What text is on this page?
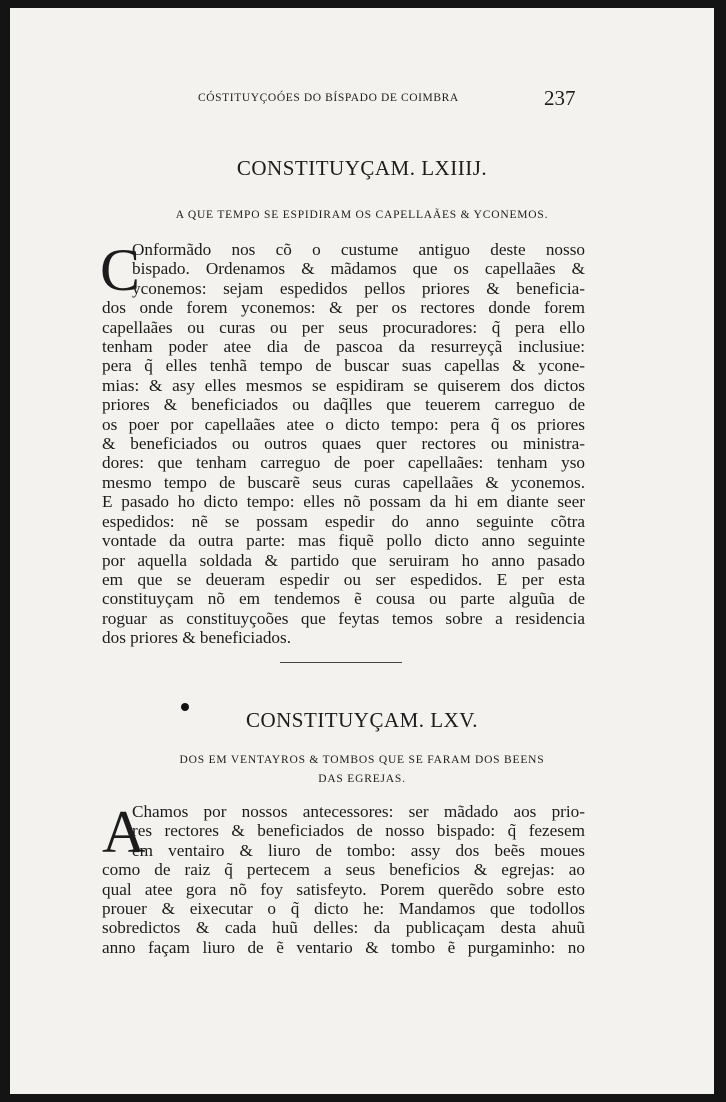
CÓSTITUYÇOÓES DO BÍSPADO DE COIMBRA	237
CONSTITUYÇAM. LXIIIJ.
A QUE TEMPO SE ESPIDIRAM OS CAPELLAÃES & YCONEMOS.
C
Onformãdo nos cõ o custume antiguo deste nosso
bispado. Ordenamos & mãdamos que os capellaães &
yconemos: sejam espedidos pellos priores & beneficia-
dos onde forem yconemos: & per os rectores donde forem
capellaães ou curas ou per seus procuradores: q̃ pera ello
tenham poder atee dia de pascoa da resurreyçã inclusiue:
pera q̃ elles tenhã tempo de buscar suas capellas & ycone-
mias: & asy elles mesmos se espidiram se quiserem dos dictos
priores & beneficiados ou daq̃lles que teuerem carreguo de
os poer por capellaães atee o dicto tempo: pera q̃ os priores
& beneficiados ou outros quaes quer rectores ou ministra-
dores: que tenham carreguo de poer capellaães: tenham yso
mesmo tempo de buscarẽ seus curas capellaães & yconemos.
E pasado ho dicto tempo: elles nõ possam da hi em diante seer
espedidos: nẽ se possam espedir do anno seguinte cõtra
vontade da outra parte: mas fiquẽ pollo dicto anno seguinte
por aquella soldada & partido que seruiram ho anno pasado
em que se deueram espedir ou ser espedidos. E per esta
constituyçam nõ em tendemos ẽ cousa ou parte alguũa de
roguar as constituyçoões que feytas temos sobre a residencia
dos priores & beneficiados.
CONSTITUYÇAM. LXV.
DOS EM VENTAYROS & TOMBOS QUE SE FARAM DOS BEENS
DAS EGREJAS.
A
Chamos por nossos antecessores: ser mãdado aos prio-
res rectores & beneficiados de nosso bispado: q̃ fezesem
em ventairo & liuro de tombo: assy dos beẽs moues
como de raiz q̃ pertecem a seus beneficios & egrejas: ao
qual atee gora nõ foy satisfeyto. Porem querẽdo sobre esto
prouer & eixecutar o q̃ dicto he: Mandamos que todollos
sobredictos & cada huũ delles: da publicaçam desta ahuũ
anno façam liuro de ẽ ventario & tombo ẽ purgaminho: no
